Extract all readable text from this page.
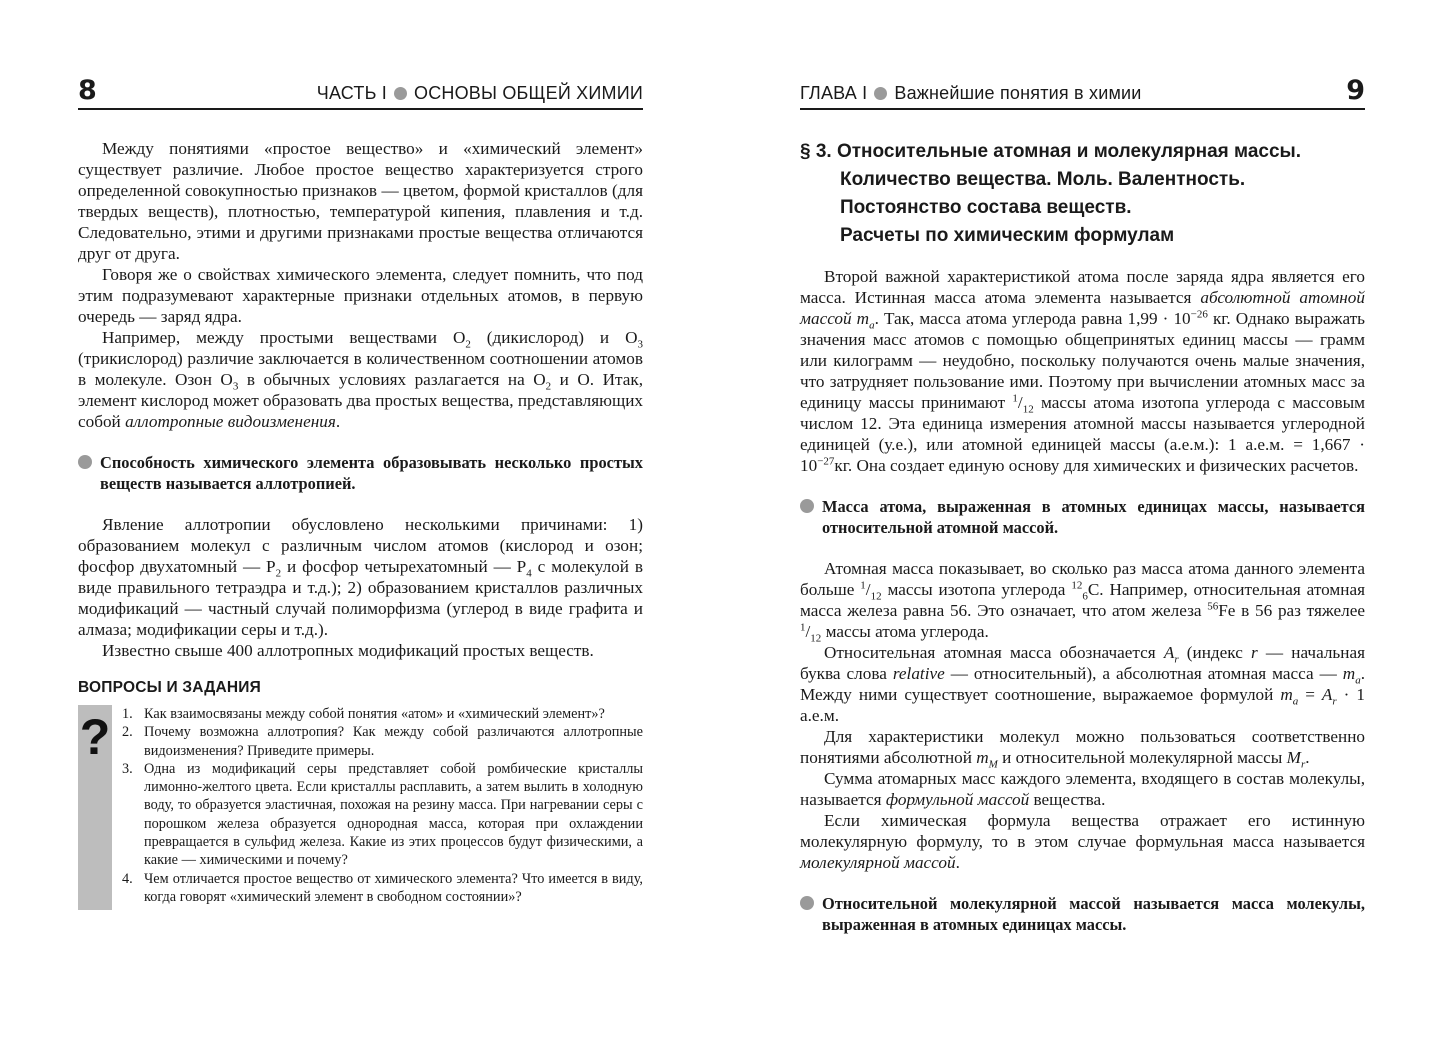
8	ЧАСТЬ I ОСНОВЫ ОБЩЕЙ ХИМИИ

Между понятиями «простое вещество» и «химический элемент» существует различие. Любое простое вещество характеризуется строго определенной совокупностью признаков — цветом, формой кристаллов (для твердых веществ), плотностью, температурой кипения, плавления и т.д. Следовательно, этими и другими признаками простые вещества отличаются друг от друга.

Говоря же о свойствах химического элемента, следует помнить, что под этим подразумевают характерные признаки отдельных атомов, в первую очередь — заряд ядра.

Например, между простыми веществами $O_2$ (дикислород) и $O_3$ (трикислород) различие заключается в количественном соотношении атомов в молекуле. Озон $O_3$ в обычных условиях разлагается на $O_2$ и O. Итак, элемент кислород может образовать два простых вещества, представляющих собой аллотропные видоизменения.

Способность химического элемента образовывать несколько простых веществ называется аллотропией.

Явление аллотропии обусловлено несколькими причинами: 1) образованием молекул с различным числом атомов (кислород и озон; фосфор двухатомный — $P_2$ и фосфор четырехатомный — $P_4$ с молекулой в виде правильного тетраэдра и т.д.); 2) образованием кристаллов различных модификаций — частный случай полиморфизма (углерод в виде графита и алмаза; модификации серы и т.д.).

Известно свыше 400 аллотропных модификаций простых веществ.

ВОПРОСЫ И ЗАДАНИЯ
? 1. Как взаимосвязаны между собой понятия «атом» и «химический элемент»?
2. Почему возможна аллотропия? Как между собой различаются аллотропные видоизменения? Приведите примеры.
3. Одна из модификаций серы представляет собой ромбические кристаллы лимонно-желтого цвета. Если кристаллы расплавить, а затем вылить в холодную воду, то образуется эластичная, похожая на резину масса. При нагревании серы с порошком железа образуется однородная масса, которая при охлаждении превращается в сульфид железа. Какие из этих процессов будут физическими, а какие — химическими и почему?
4. Чем отличается простое вещество от химического элемента? Что имеется в виду, когда говорят «химический элемент в свободном состоянии»?
ГЛАВА I Важнейшие понятия в химии	9
§ 3. Относительные атомная и молекулярная массы.
Количество вещества. Моль. Валентность.
Постоянство состава веществ.
Расчеты по химическим формулам

Второй важной характеристикой атома после заряда ядра является его масса. Истинная масса атома элемента называется абсолютной атомной массой $m_a$. Так, масса атома углерода равна $1,99 \cdot 10^{-26}$ кг. Однако выражать значения масс атомов с помощью общепринятых единиц массы — грамм или килограмм — неудобно, поскольку получаются очень малые значения, что затрудняет пользование ими. Поэтому при вычислении атомных масс за единицу массы принимают $^1/_{12}$ массы атома изотопа углерода с массовым числом 12. Эта единица измерения атомной массы называется углеродной единицей (у.е.), или атомной единицей массы (а.е.м.): 1 а.е.м. = $1,667 \cdot 10^{-27}кг$. Она создает единую основу для химических и физических расчетов.

Масса атома, выраженная в атомных единицах массы, называется относительной атомной массой.

Атомная масса показывает, во сколько раз масса атома данного элемента больше $^1/_{12}$ массы изотопа углерода $^{12}_6$C. Например, относительная атомная масса железа равна 56. Это означает, что атом железа $^{56}$Fe в 56 раз тяжелее $^1/_{12}$ массы атома углерода.

Относительная атомная масса обозначается $A_r$ (индекс r — начальная буква слова relative — относительный), а абсолютная атомная масса — $m_a$. Между ними существует соотношение, выражаемое формулой $m_a = A_r \cdot 1$ а.е.м.

Для характеристики молекул можно пользоваться соответственно понятиями абсолютной $m_M$ и относительной молекулярной массы $M_r$.

Сумма атомарных масс каждого элемента, входящего в состав молекулы, называется формульной массой вещества.

Если химическая формула вещества отражает его истинную молекулярную формулу, то в этом случае формульная масса называется молекулярной массой.

Относительной молекулярной массой называется масса молекулы, выраженная в атомных единицах массы.
